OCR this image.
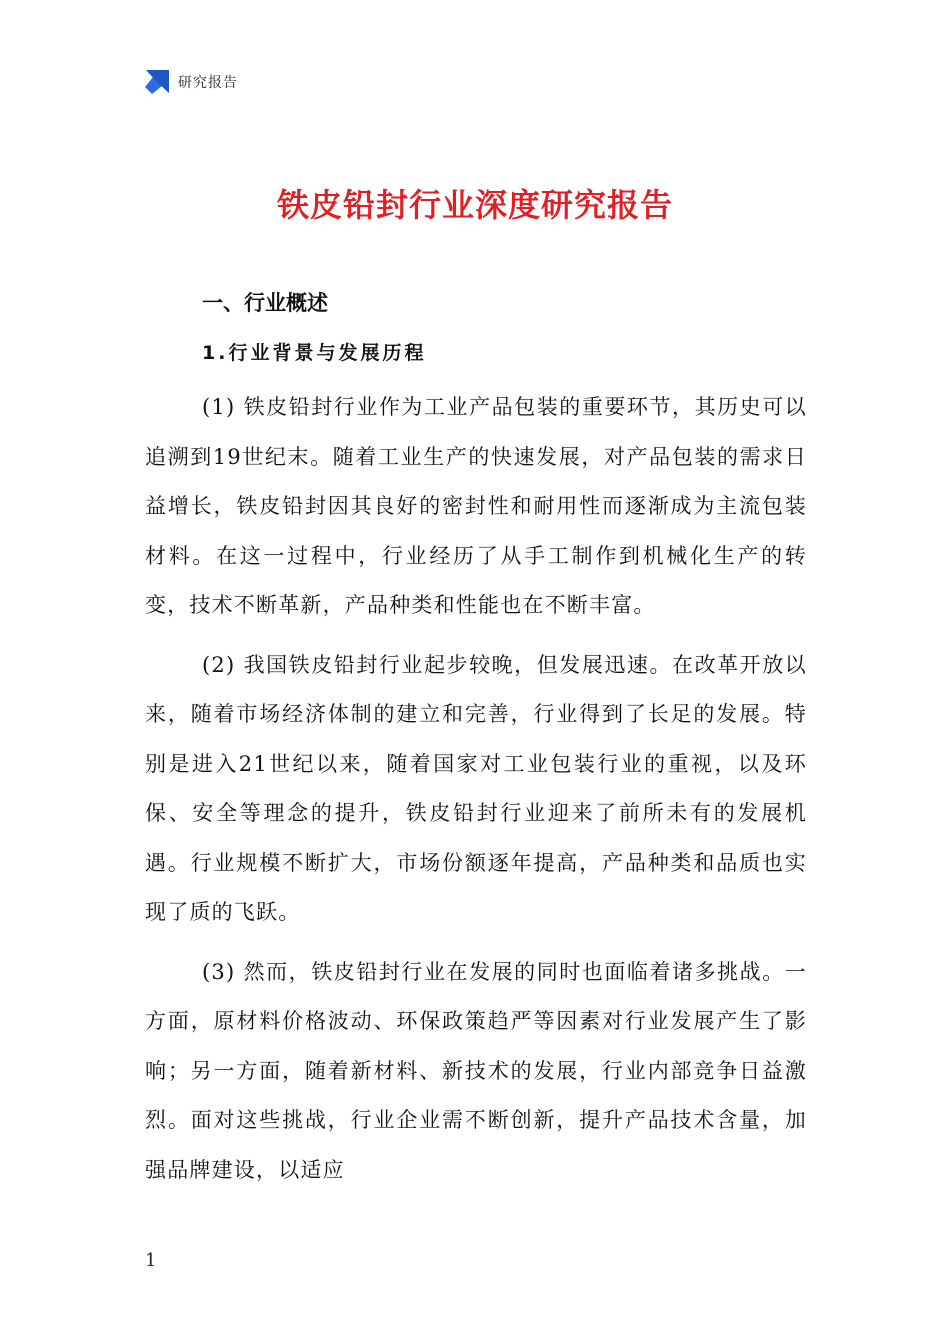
研究报告
铁皮铅封行业深度研究报告
一、行业概述
1.行业背景与发展历程

(1) 铁皮铅封行业作为工业产品包装的重要环节，其历史可以追溯到19世纪末。随着工业生产的快速发展，对产品包装的需求日益增长，铁皮铅封因其良好的密封性和耐用性而逐渐成为主流包装材料。在这一过程中，行业经历了从手工制作到机械化生产的转变，技术不断革新，产品种类和性能也在不断丰富。

(2) 我国铁皮铅封行业起步较晚，但发展迅速。在改革开放以来，随着市场经济体制的建立和完善，行业得到了长足的发展。特别是进入21世纪以来，随着国家对工业包装行业的重视，以及环保、安全等理念的提升，铁皮铅封行业迎来了前所未有的发展机遇。行业规模不断扩大，市场份额逐年提高，产品种类和品质也实现了质的飞跃。

(3) 然而，铁皮铅封行业在发展的同时也面临着诸多挑战。一方面，原材料价格波动、环保政策趋严等因素对行业发展产生了影响；另一方面，随着新材料、新技术的发展，行业内部竞争日益激烈。面对这些挑战，行业企业需不断创新，提升产品技术含量，加强品牌建设，以适应

1
